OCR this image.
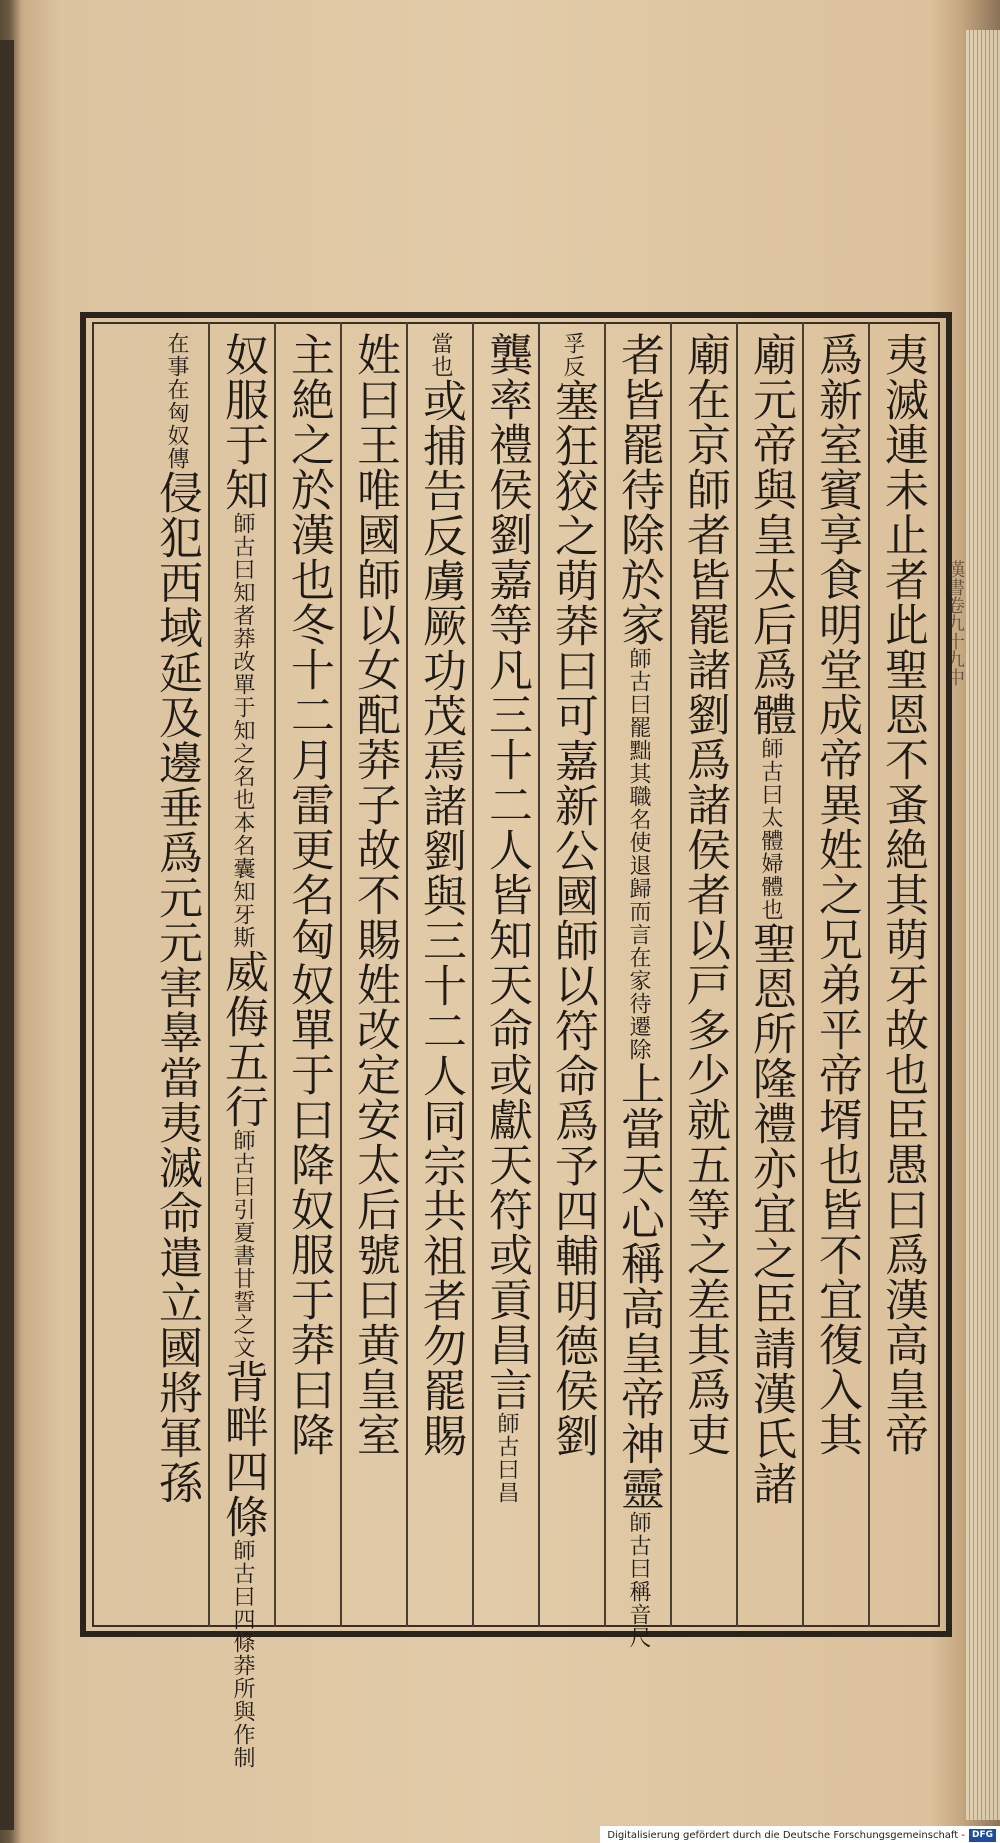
漢書卷九十九中
夷滅連未止者此聖恩不蚤絶其萌牙故也臣愚曰爲漢高皇帝
爲新室賓享食明堂成帝異姓之兄弟平帝壻也皆不宜復入其
廟元帝與皇太后爲體師古曰太體婦體也聖恩所隆禮亦宜之臣請漢氏諸
廟在京師者皆罷諸劉爲諸侯者以戸多少就五等之差其爲吏
者皆罷待除於家師古曰罷黜其職名使退歸而言在家待遷除上當天心稱高皇帝神靈師古曰稱音尺
孚反塞狂狡之萌莽曰可嘉新公國師以符命爲予四輔明德侯劉
龔率禮侯劉嘉等凡三十二人皆知天命或獻天符或貢昌言師古曰昌
當也或捕告反虜厥功茂焉諸劉與三十二人同宗共祖者勿罷賜
姓曰王唯國師以女配莽子故不賜姓改定安太后號曰黄皇室
主絶之於漢也冬十二月雷更名匈奴單于曰降奴服于莽曰降
奴服于知師古曰知者莽改單于知之名也本名囊知牙斯威侮五行師古曰引夏書甘誓之文背畔四條師古曰四條莽所與作制
在事在匈奴傳侵犯西域延及邊垂爲元元害辠當夷滅命遣立國將軍孫
Digitalisierung gefördert durch die Deutsche Forschungsgemeinschaft - DFG
